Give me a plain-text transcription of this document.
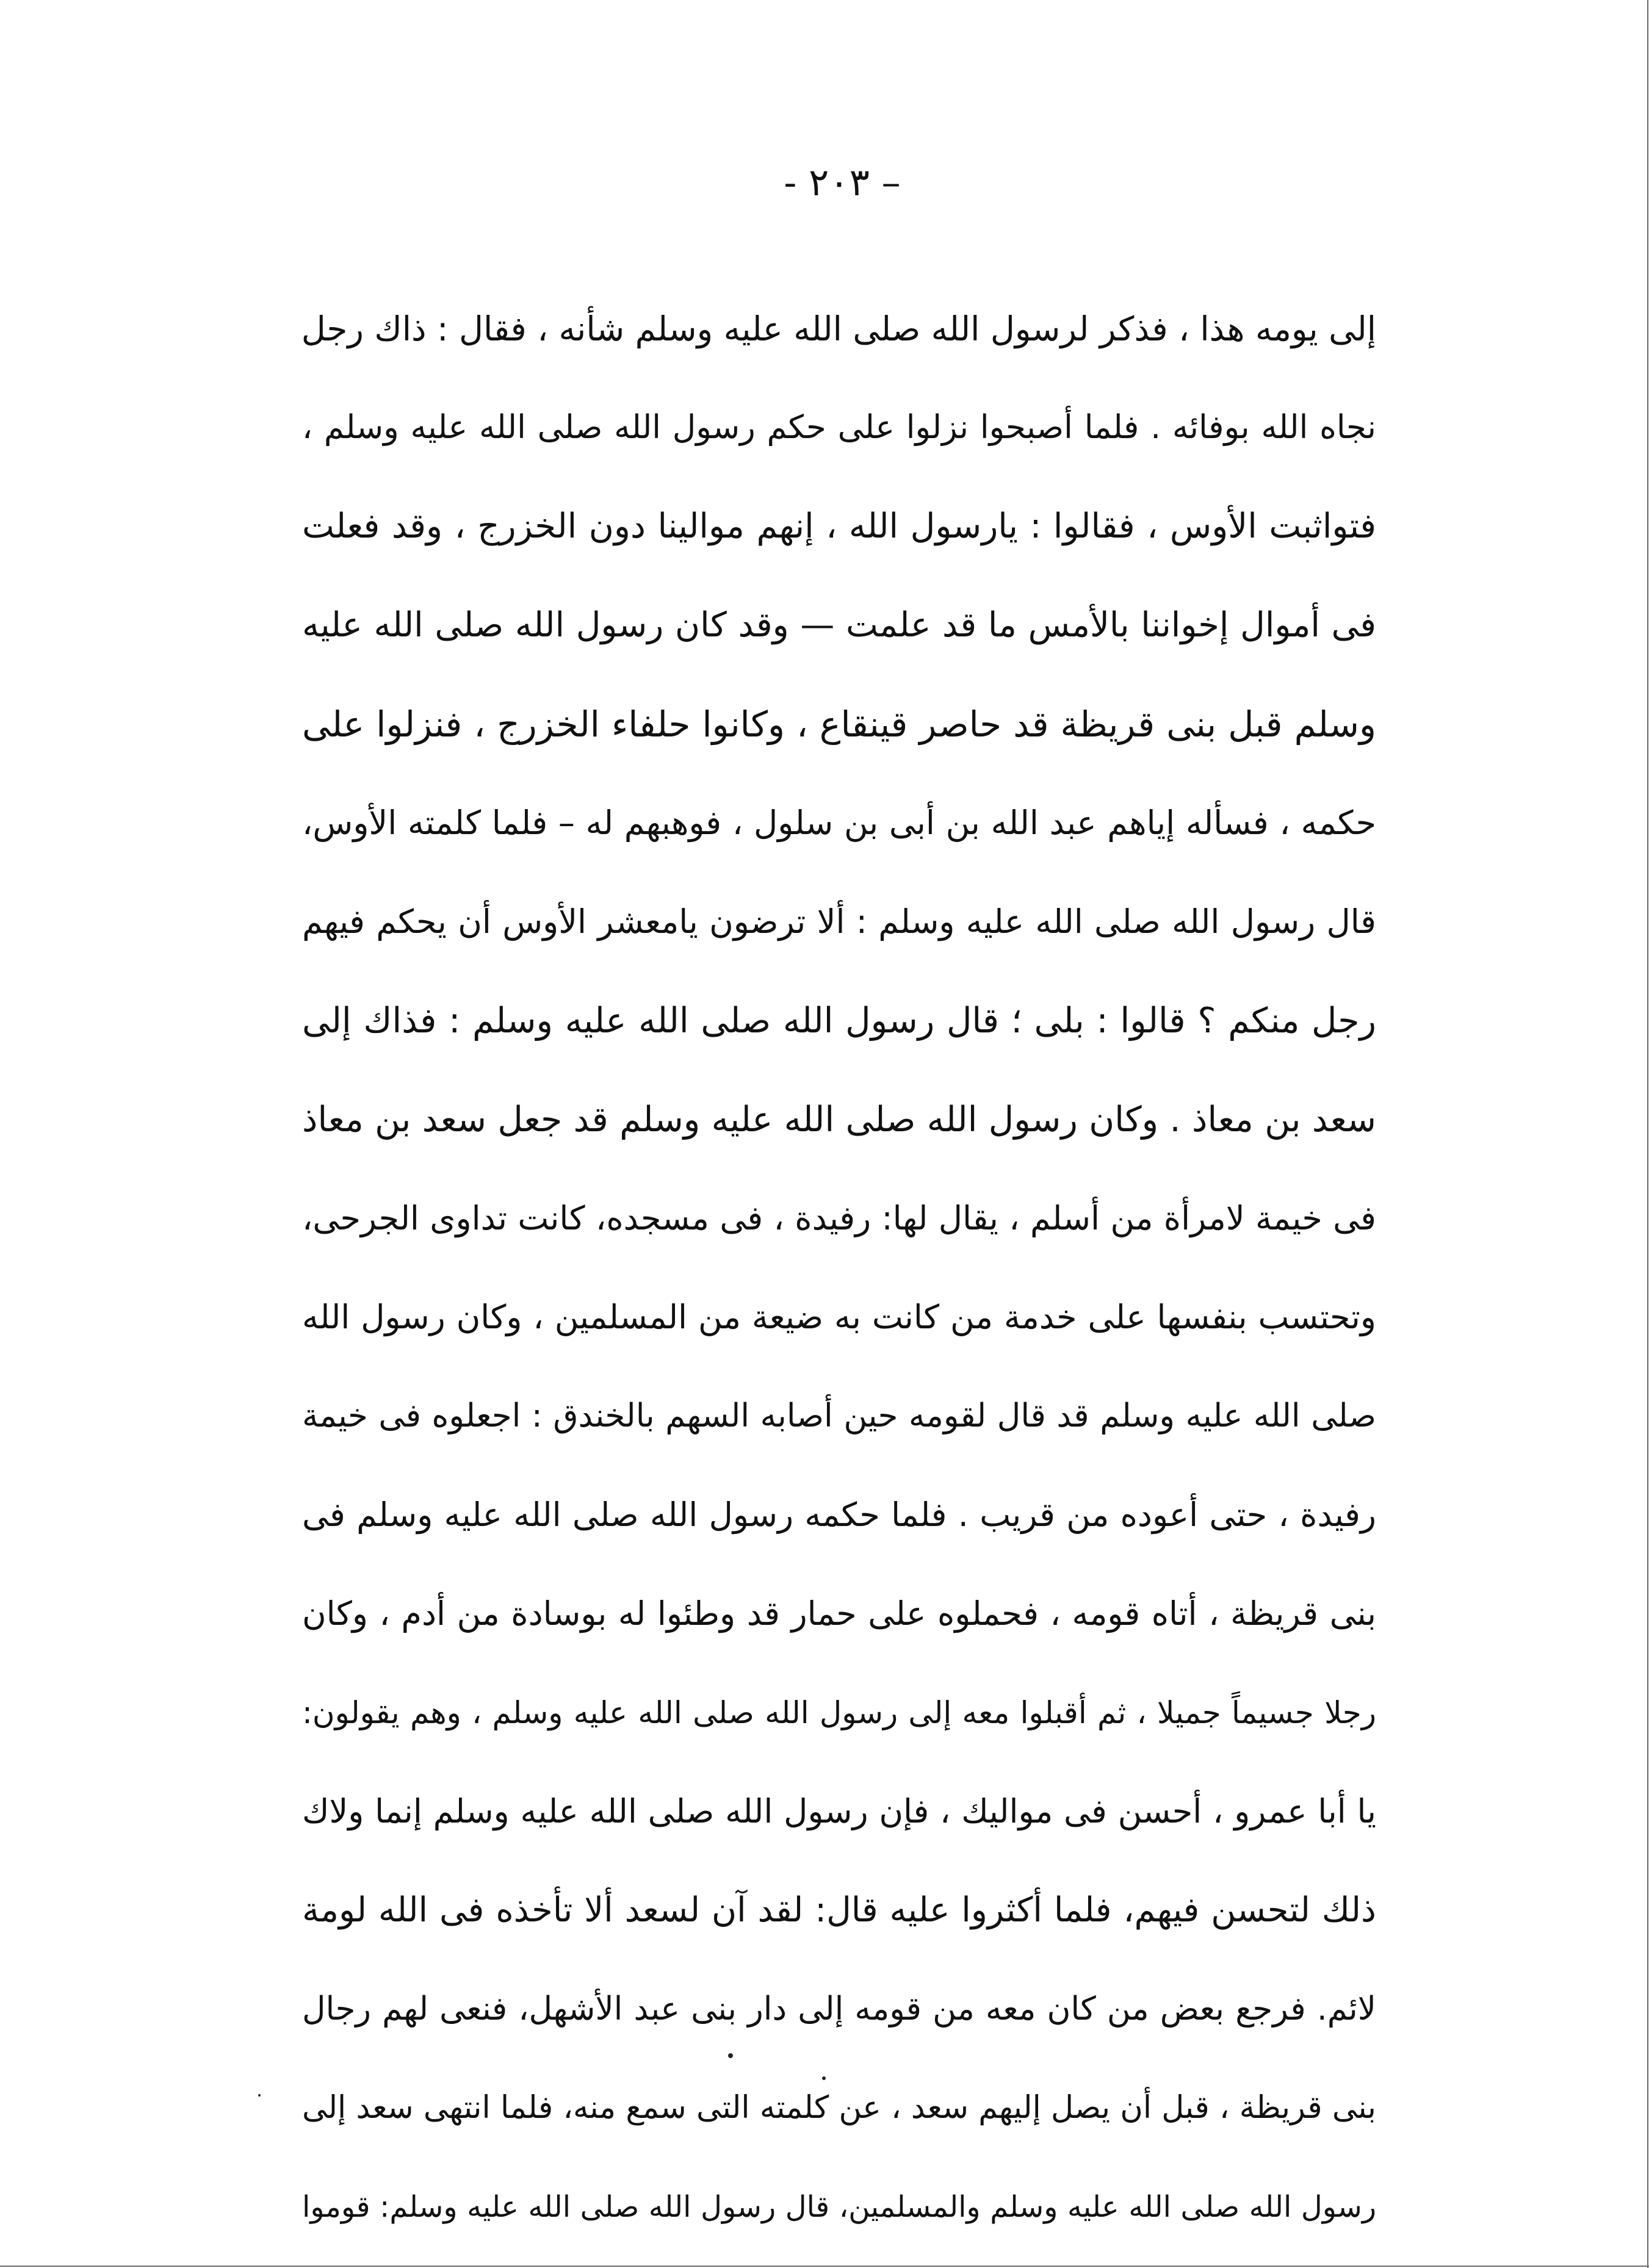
– ٢٠٣ -
إلى يومه هذا ، فذكر لرسول الله صلى الله عليه وسلم شأنه ، فقال : ذاك رجل
نجاه الله بوفائه . فلما أصبحوا نزلوا على حكم رسول الله صلى الله عليه وسلم ،
فتواثبت الأوس ، فقالوا : يارسول الله ، إنهم موالينا دون الخزرج ، وقد فعلت
فى أموال إخواننا بالأمس ما قد علمت — وقد كان رسول الله صلى الله عليه
وسلم قبل بنى قريظة قد حاصر قينقاع ، وكانوا حلفاء الخزرج ، فنزلوا على
حكمه ، فسأله إياهم عبد الله بن أبى بن سلول ، فوهبهم له – فلما كلمته الأوس،
قال رسول الله صلى الله عليه وسلم : ألا ترضون يامعشر الأوس أن يحكم فيهم
رجل منكم ؟ قالوا : بلى ؛ قال رسول الله صلى الله عليه وسلم : فذاك إلى
سعد بن معاذ . وكان رسول الله صلى الله عليه وسلم قد جعل سعد بن معاذ
فى خيمة لامرأة من أسلم ، يقال لها: رفيدة ، فى مسجده، كانت تداوى الجرحى،
وتحتسب بنفسها على خدمة من كانت به ضيعة من المسلمين ، وكان رسول الله
صلى الله عليه وسلم قد قال لقومه حين أصابه السهم بالخندق : اجعلوه فى خيمة
رفيدة ، حتى أعوده من قريب . فلما حكمه رسول الله صلى الله عليه وسلم فى
بنى قريظة ، أتاه قومه ، فحملوه على حمار قد وطئوا له بوسادة من أدم ، وكان
رجلا جسيماً جميلا ، ثم أقبلوا معه إلى رسول الله صلى الله عليه وسلم ، وهم يقولون:
يا أبا عمرو ، أحسن فى مواليك ، فإن رسول الله صلى الله عليه وسلم إنما ولاك
ذلك لتحسن فيهم، فلما أكثروا عليه قال: لقد آن لسعد ألا تأخذه فى الله لومة
لائم. فرجع بعض من كان معه من قومه إلى دار بنى عبد الأشهل، فنعى لهم رجال
بنى قريظة ، قبل أن يصل إليهم سعد ، عن كلمته التى سمع منه، فلما انتهى سعد إلى
رسول الله صلى الله عليه وسلم والمسلمين، قال رسول الله صلى الله عليه وسلم: قوموا
